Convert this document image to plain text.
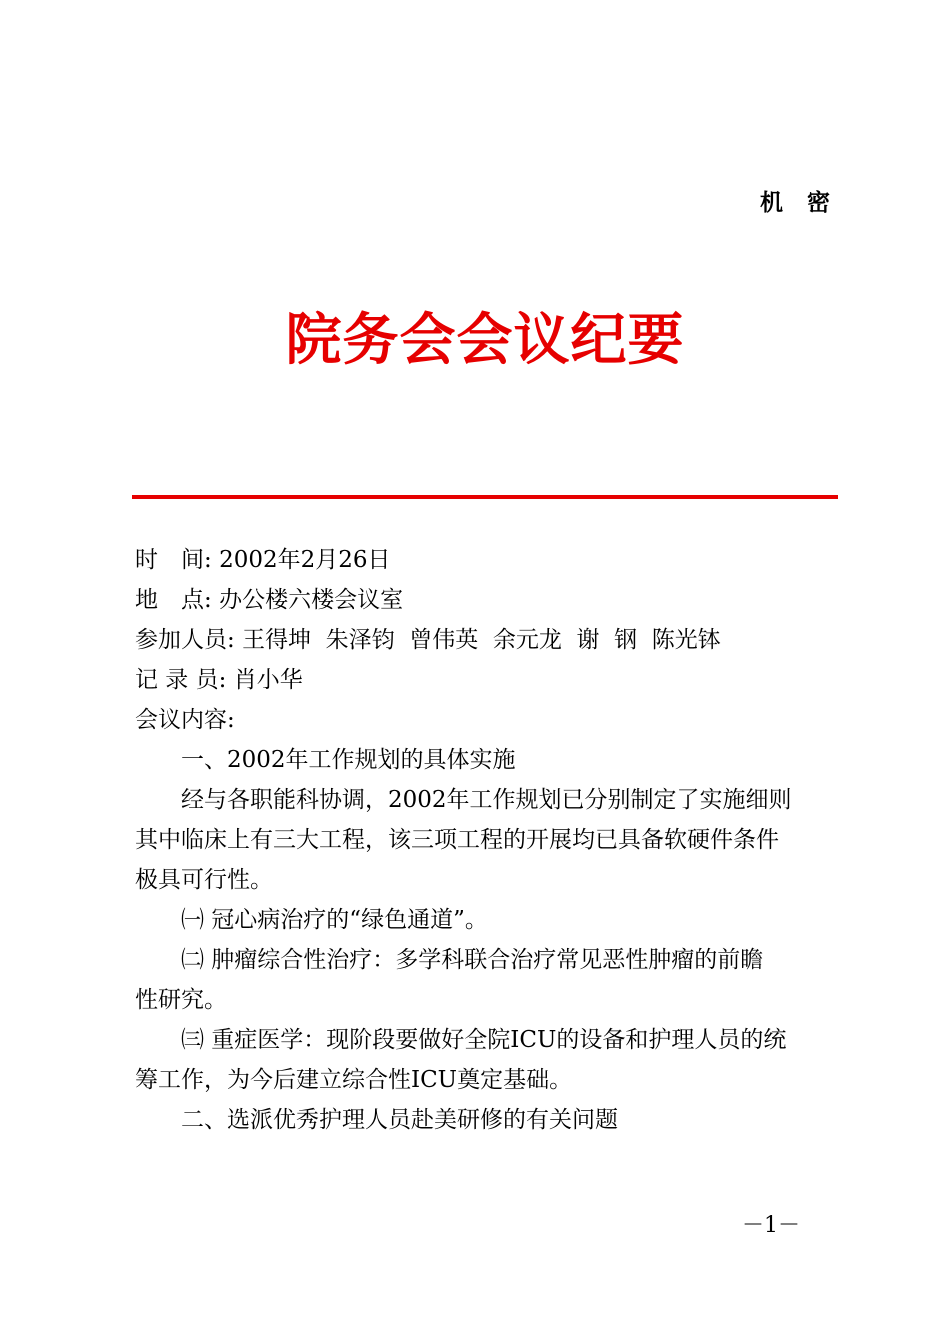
机密
院务会会议纪要

时　间: 2002年2月26日

地　点: 办公楼六楼会议室

参加人员: 王得坤  朱泽钧  曾伟英  余元龙  谢  钢  陈光钵

记 录 员: 肖小华

会议内容:

一、2002年工作规划的具体实施

经与各职能科协调，2002年工作规划已分别制定了实施细则

其中临床上有三大工程，该三项工程的开展均已具备软硬件条件

极具可行性。

㈠ 冠心病治疗的“绿色通道”。

㈡ 肿瘤综合性治疗：多学科联合治疗常见恶性肿瘤的前瞻

性研究。

㈢ 重症医学：现阶段要做好全院ICU的设备和护理人员的统

筹工作，为今后建立综合性ICU奠定基础。

二、选派优秀护理人员赴美研修的有关问题

－1－
